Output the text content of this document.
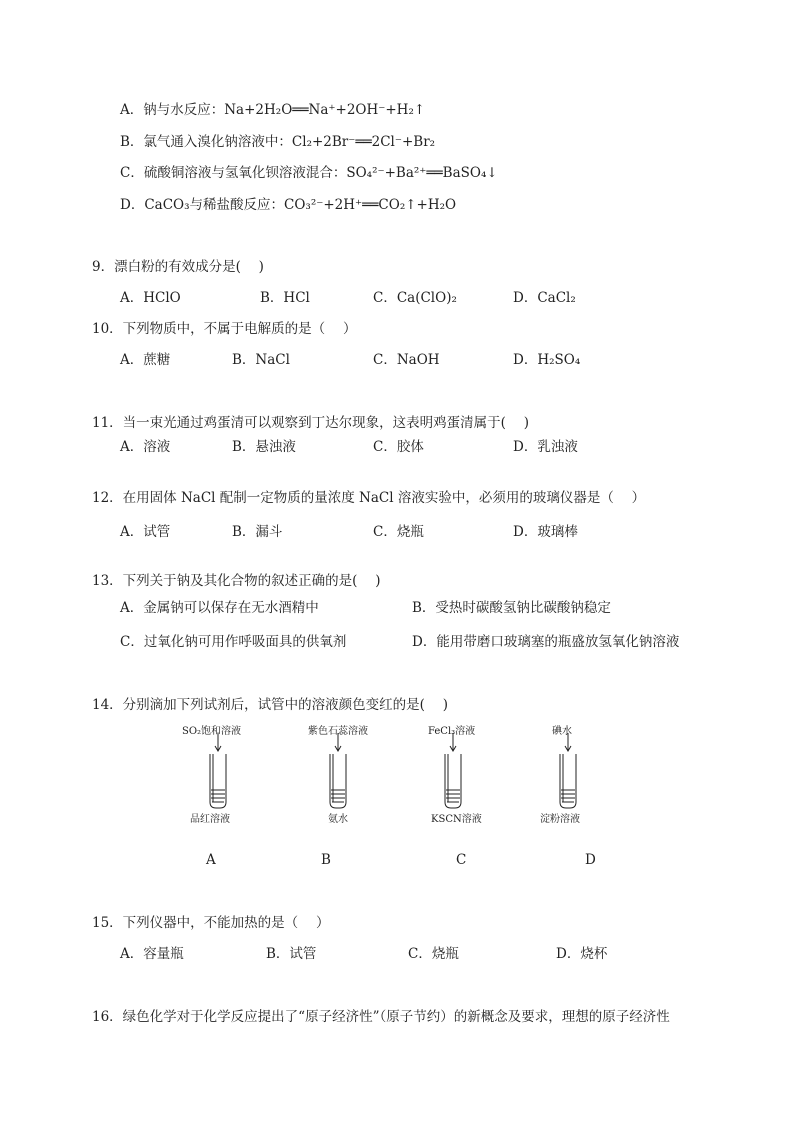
A．钠与水反应：Na+2H₂O══Na⁺+2OH⁻+H₂↑
B．氯气通入溴化钠溶液中：Cl₂+2Br⁻══2Cl⁻+Br₂
C．硫酸铜溶液与氢氧化钡溶液混合：SO₄²⁻+Ba²⁺══BaSO₄↓
D．CaCO₃与稀盐酸反应：CO₃²⁻+2H⁺══CO₂↑+H₂O
9．漂白粉的有效成分是(　 )
A．HClO	B．HCl	C．Ca(ClO)₂	D．CaCl₂
10．下列物质中，不属于电解质的是（　 ）
A．蔗糖	B．NaCl	C．NaOH	D．H₂SO₄
11．当一束光通过鸡蛋清可以观察到丁达尔现象，这表明鸡蛋清属于(　 )
A．溶液	B．悬浊液	C．胶体	D．乳浊液
12．在用固体 NaCl 配制一定物质的量浓度 NaCl 溶液实验中，必须用的玻璃仪器是（　 ）
A．试管	B．漏斗	C．烧瓶	D．玻璃棒
13．下列关于钠及其化合物的叙述正确的是(　 )
A．金属钠可以保存在无水酒精中	B．受热时碳酸氢钠比碳酸钠稳定
C．过氧化钠可用作呼吸面具的供氧剂	D．能用带磨口玻璃塞的瓶盛放氢氧化钠溶液
14．分别滴加下列试剂后，试管中的溶液颜色变红的是(　 )
SO₂饱和溶液
品红溶液
A
紫色石蕊溶液
氨水
B
FeCl₃溶液
KSCN溶液
C
碘水
淀粉溶液
D
15．下列仪器中，不能加热的是（　 ）
A．容量瓶	B．试管	C．烧瓶	D．烧杯
16．绿色化学对于化学反应提出了“原子经济性”（原子节约）的新概念及要求，理想的原子经济性
